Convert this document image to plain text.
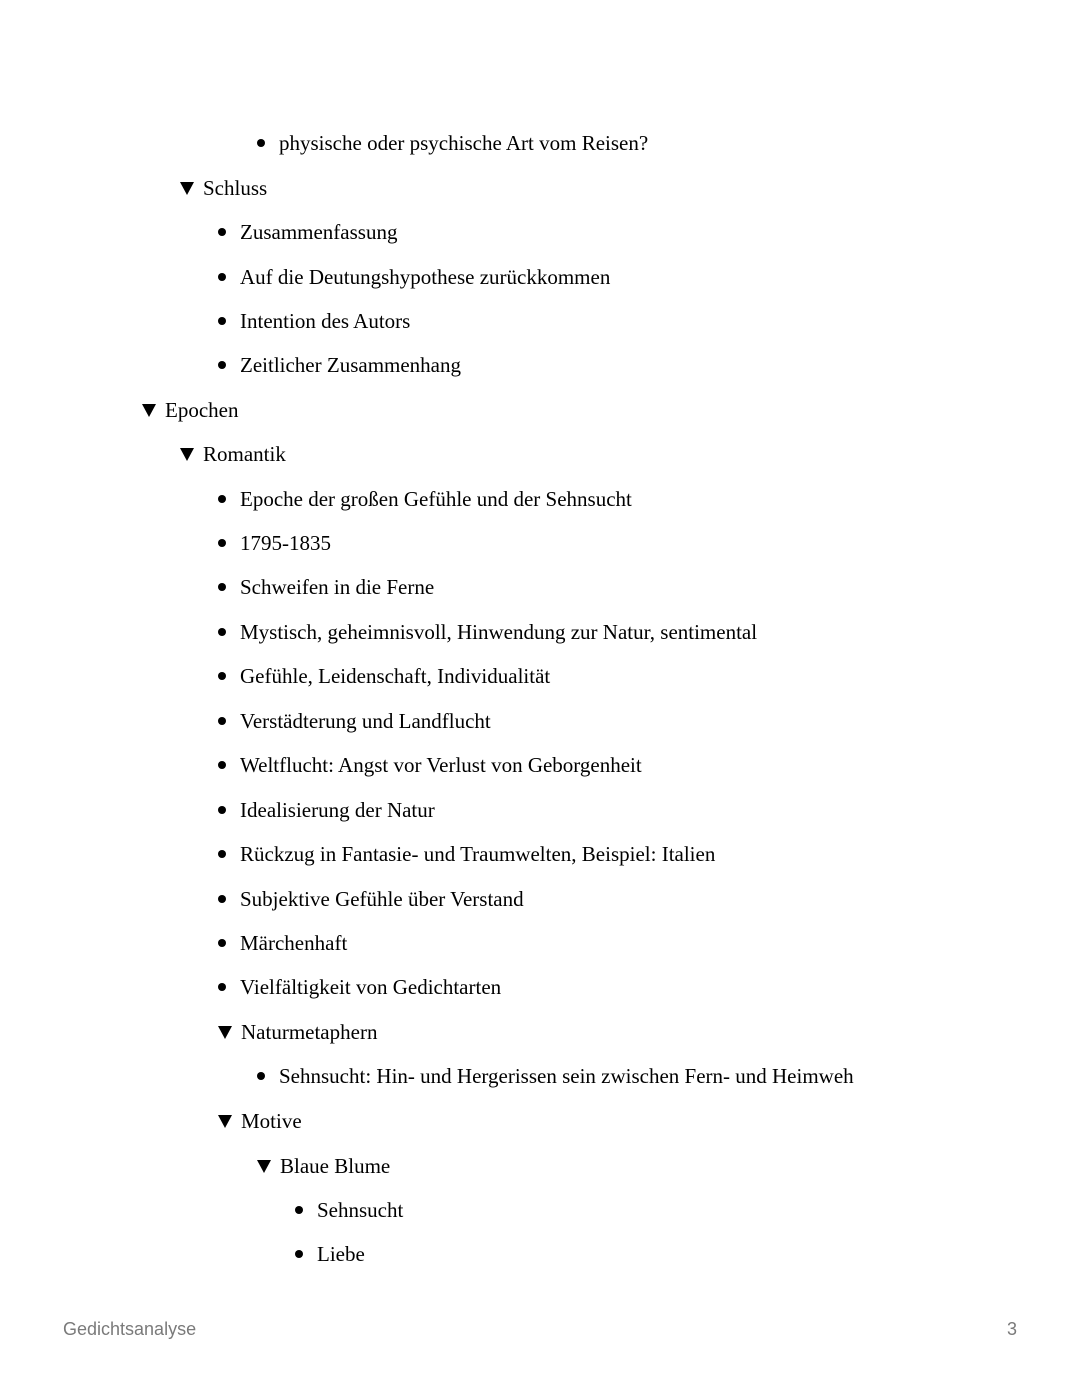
physische oder psychische Art vom Reisen?
Schluss
Zusammenfassung
Auf die Deutungshypothese zurückkommen
Intention des Autors
Zeitlicher Zusammenhang
Epochen
Romantik
Epoche der großen Gefühle und der Sehnsucht
1795-1835
Schweifen in die Ferne
Mystisch, geheimnisvoll, Hinwendung zur Natur, sentimental
Gefühle, Leidenschaft, Individualität
Verstädterung und Landflucht
Weltflucht: Angst vor Verlust von Geborgenheit
Idealisierung der Natur
Rückzug in Fantasie- und Traumwelten, Beispiel: Italien
Subjektive Gefühle über Verstand
Märchenhaft
Vielfältigkeit von Gedichtarten
Naturmetaphern
Sehnsucht: Hin- und Hergerissen sein zwischen Fern- und Heimweh
Motive
Blaue Blume
Sehnsucht
Liebe
Gedichtsanalyse	3
